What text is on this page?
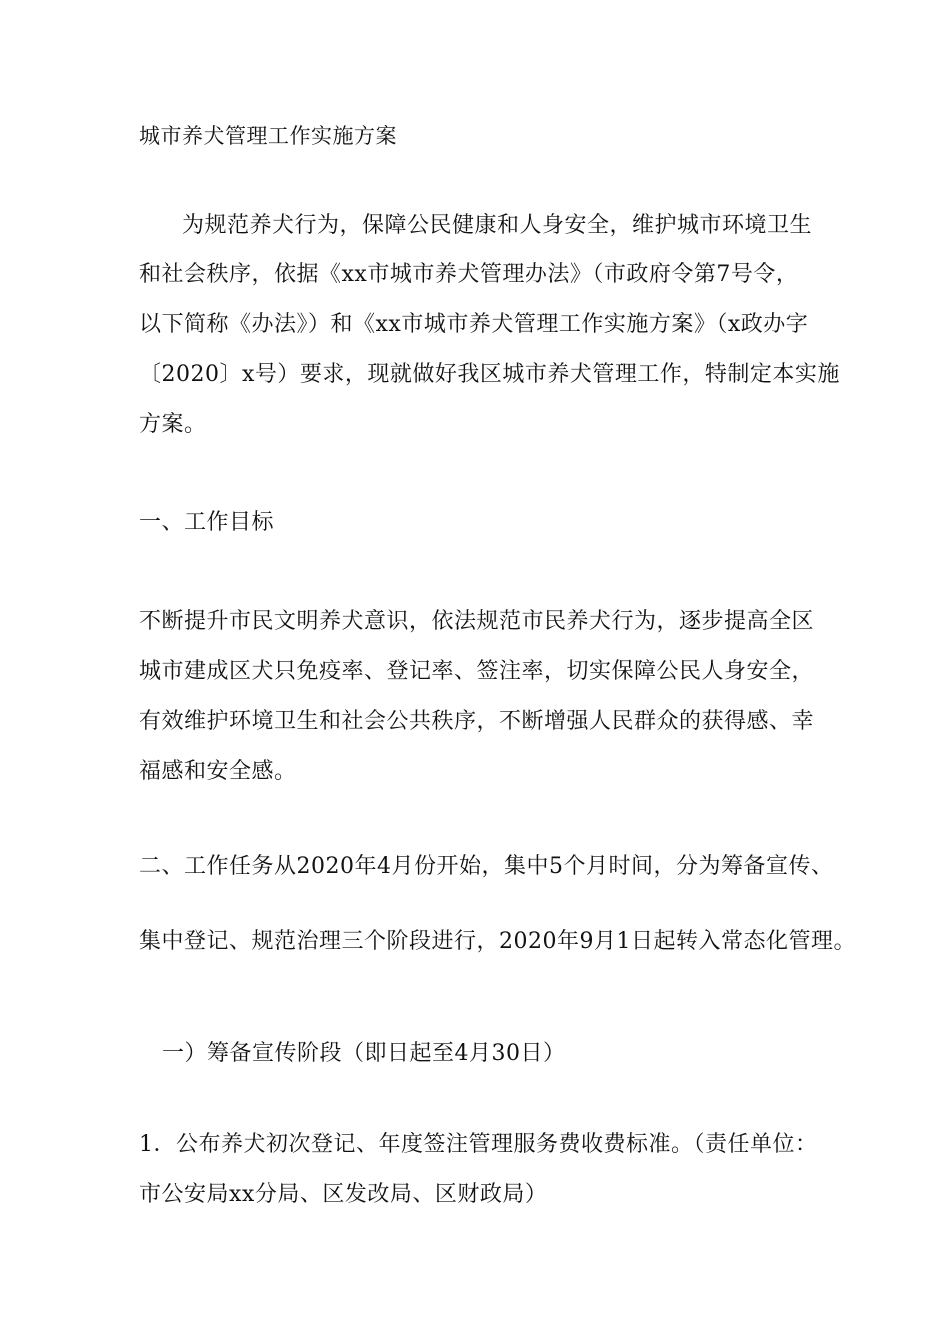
城市养犬管理工作实施方案
为规范养犬行为，保障公民健康和人身安全，维护城市环境卫生
和社会秩序，依据《xx市城市养犬管理办法》（市政府令第7号令，
以下简称《办法》）和《xx市城市养犬管理工作实施方案》（x政办字
〔2020〕x号）要求，现就做好我区城市养犬管理工作，特制定本实施
方案。
一、工作目标
不断提升市民文明养犬意识，依法规范市民养犬行为，逐步提高全区
城市建成区犬只免疫率、登记率、签注率，切实保障公民人身安全，
有效维护环境卫生和社会公共秩序，不断增强人民群众的获得感、幸
福感和安全感。
二、工作任务从2020年4月份开始，集中5个月时间，分为筹备宣传、
集中登记、规范治理三个阶段进行，2020年9月1日起转入常态化管理。
一）筹备宣传阶段（即日起至4月30日）
1．公布养犬初次登记、年度签注管理服务费收费标准。（责任单位：
市公安局xx分局、区发改局、区财政局）
